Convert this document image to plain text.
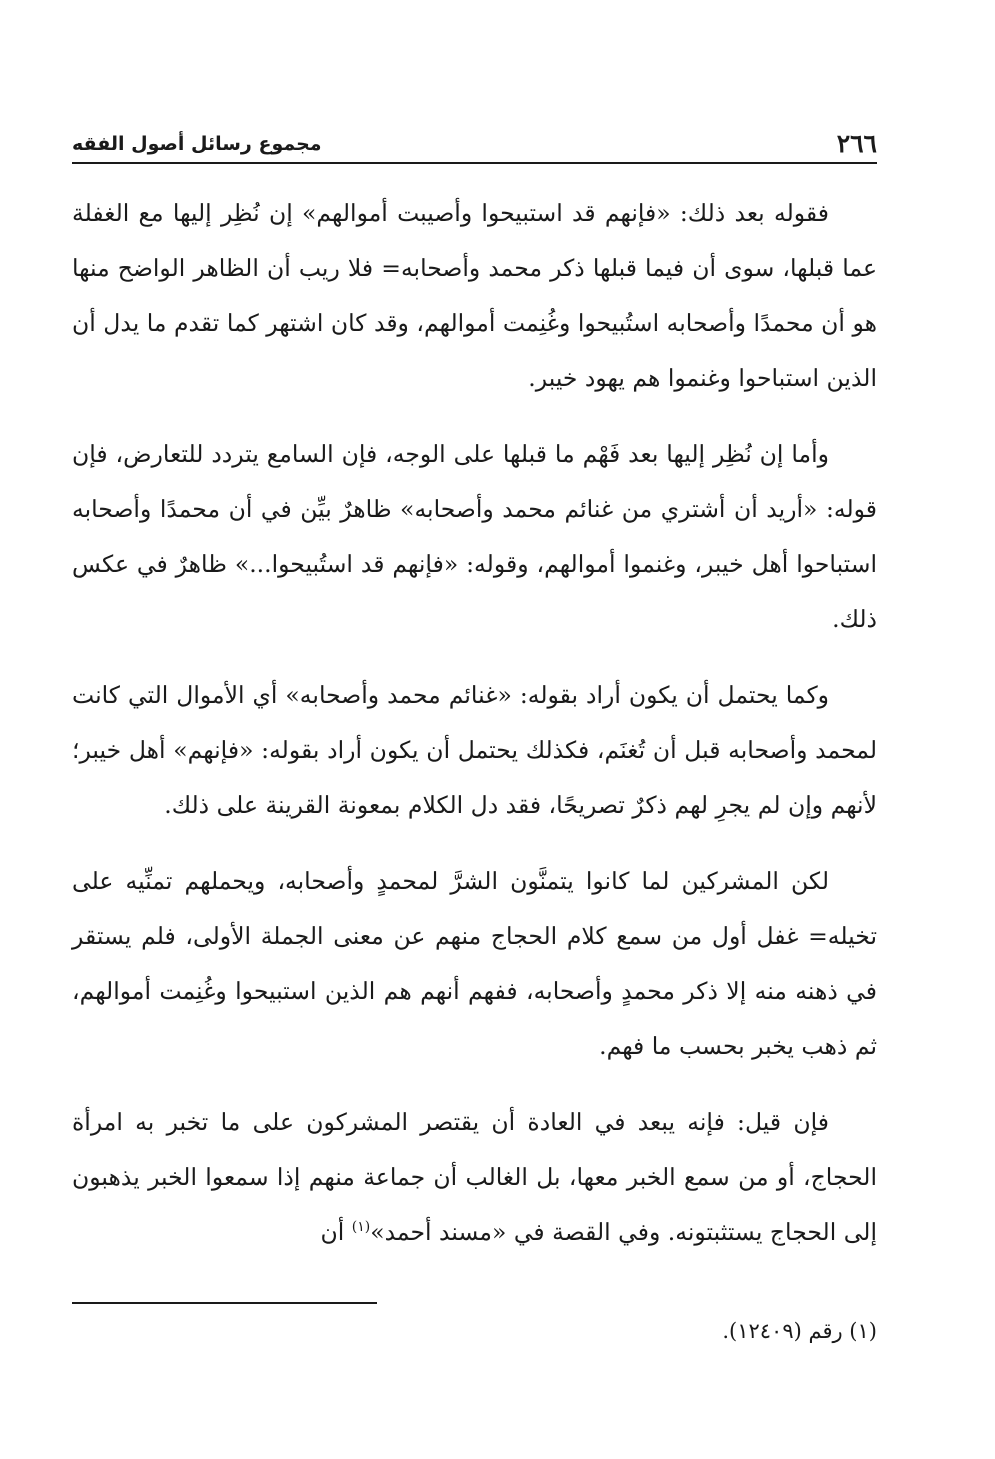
٢٦٦
مجموع رسائل أصول الفقه

فقوله بعد ذلك: «فإنهم قد استبيحوا وأصيبت أموالهم» إن نُظِر إليها مع الغفلة عما قبلها، سوى أن فيما قبلها ذكر محمد وأصحابه= فلا ريب أن الظاهر الواضح منها هو أن محمدًا وأصحابه استُبيحوا وغُنِمت أموالهم، وقد كان اشتهر كما تقدم ما يدل أن الذين استباحوا وغنموا هم يهود خيبر.

وأما إن نُظِر إليها بعد فَهْم ما قبلها على الوجه، فإن السامع يتردد للتعارض، فإن قوله: «أريد أن أشتري من غنائم محمد وأصحابه» ظاهرٌ بيِّن في أن محمدًا وأصحابه استباحوا أهل خيبر، وغنموا أموالهم، وقوله: «فإنهم قد استُبيحوا...» ظاهرٌ في عكس ذلك.

وكما يحتمل أن يكون أراد بقوله: «غنائم محمد وأصحابه» أي الأموال التي كانت لمحمد وأصحابه قبل أن تُغنَم، فكذلك يحتمل أن يكون أراد بقوله: «فإنهم» أهل خيبر؛ لأنهم وإن لم يجرِ لهم ذكرٌ تصريحًا، فقد دل الكلام بمعونة القرينة على ذلك.

لكن المشركين لما كانوا يتمنَّون الشرَّ لمحمدٍ وأصحابه، ويحملهم تمنِّيه على تخيله= غفل أول من سمع كلام الحجاج منهم عن معنى الجملة الأولى، فلم يستقر في ذهنه منه إلا ذكر محمدٍ وأصحابه، ففهم أنهم هم الذين استبيحوا وغُنِمت أموالهم، ثم ذهب يخبر بحسب ما فهم.

فإن قيل: فإنه يبعد في العادة أن يقتصر المشركون على ما تخبر به امرأة الحجاج، أو من سمع الخبر معها، بل الغالب أن جماعة منهم إذا سمعوا الخبر يذهبون إلى الحجاج يستثبتونه. وفي القصة في «مسند أحمد»$^{(١)}$ أن

(١) رقم (١٢٤٠٩).
